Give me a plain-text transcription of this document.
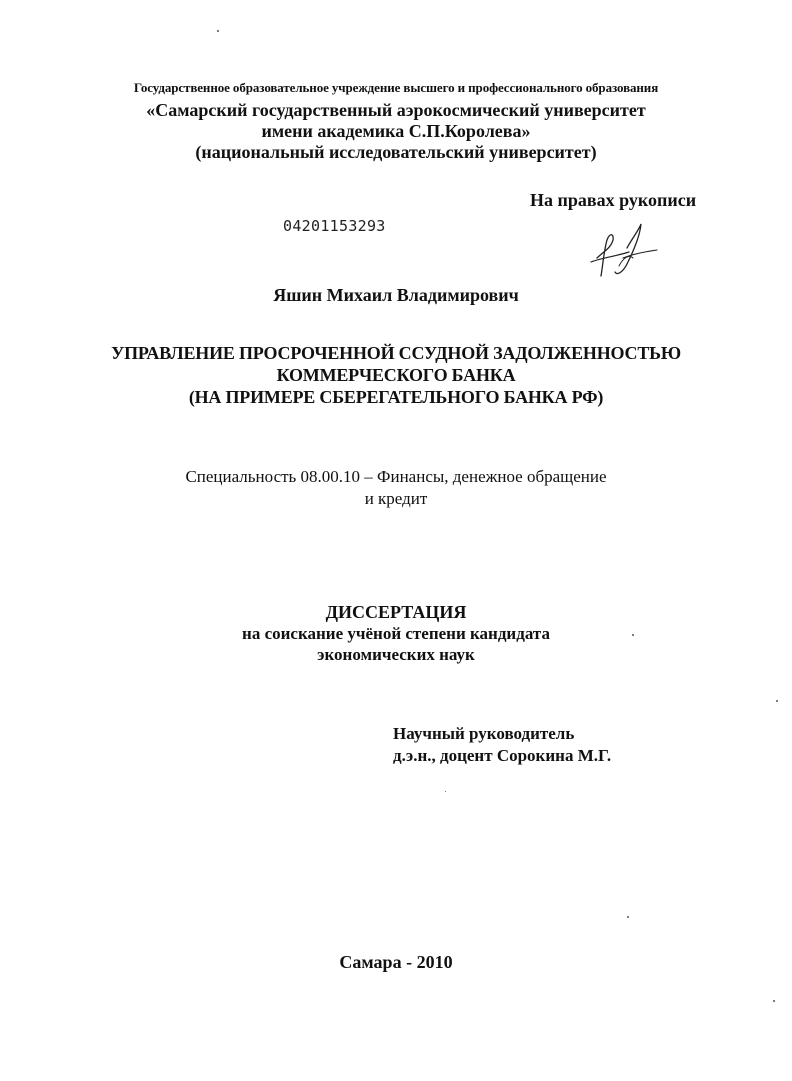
Государственное образовательное учреждение высшего и профессионального образования
«Самарский государственный аэрокосмический университет
имени академика С.П.Королева»
(национальный исследовательский университет)
На правах рукописи
04201153293
Яшин Михаил Владимирович
УПРАВЛЕНИЕ ПРОСРОЧЕННОЙ ССУДНОЙ ЗАДОЛЖЕННОСТЬЮ
КОММЕРЧЕСКОГО БАНКА
(НА ПРИМЕРЕ СБЕРЕГАТЕЛЬНОГО БАНКА РФ)
Специальность 08.00.10 – Финансы, денежное обращение
и кредит
ДИССЕРТАЦИЯ
на соискание учёной степени кандидата
экономических наук
Научный руководитель
д.э.н., доцент Сорокина М.Г.
Самара - 2010
